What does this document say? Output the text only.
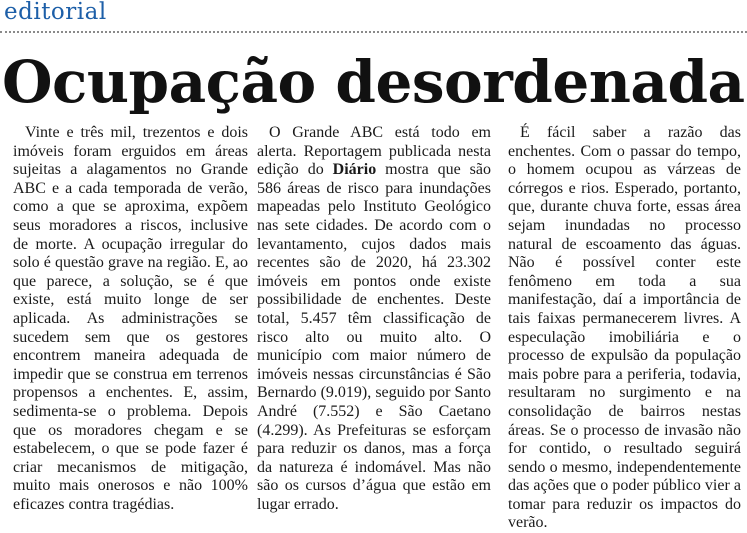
editorial
Ocupação desordenada

Vinte e três mil, trezentos e dois imóveis foram erguidos em áreas sujeitas a alagamentos no Grande ABC e a cada temporada de verão, como a que se aproxima, expõem seus moradores a riscos, inclusive de morte. A ocupação irregular do solo é questão grave na região. E, ao que parece, a solução, se é que existe, está muito longe de ser aplicada. As administrações se sucedem sem que os gestores encontrem maneira adequada de impedir que se construa em terrenos propensos a enchentes. E, assim, sedimenta-se o problema. Depois que os moradores chegam e se estabelecem, o que se pode fazer é criar mecanismos de mitigação, muito mais onerosos e não 100% eficazes contra tragédias.

O Grande ABC está todo em alerta. Reportagem publicada nesta edição do Diário mostra que são 586 áreas de risco para inundações mapeadas pelo Instituto Geológico nas sete cidades. De acordo com o levantamento, cujos dados mais recentes são de 2020, há 23.302 imóveis em pontos onde existe possibilidade de enchentes. Deste total, 5.457 têm classificação de risco alto ou muito alto. O município com maior número de imóveis nessas circunstâncias é São Bernardo (9.019), seguido por Santo André (7.552) e São Caetano (4.299). As Prefeituras se esforçam para reduzir os danos, mas a força da natureza é indomável. Mas não são os cursos d’água que estão em lugar errado.

É fácil saber a razão das enchentes. Com o passar do tempo, o homem ocupou as várzeas de córregos e rios. Esperado, portanto, que, durante chuva forte, essas área sejam inundadas no processo natural de escoamento das águas. Não é possível conter este fenômeno em toda a sua manifestação, daí a importância de tais faixas permanecerem livres. A especulação imobiliária e o processo de expulsão da população mais pobre para a periferia, todavia, resultaram no surgimento e na consolidação de bairros nestas áreas. Se o processo de invasão não for contido, o resultado seguirá sendo o mesmo, independentemente das ações que o poder público vier a tomar para reduzir os impactos do verão.
